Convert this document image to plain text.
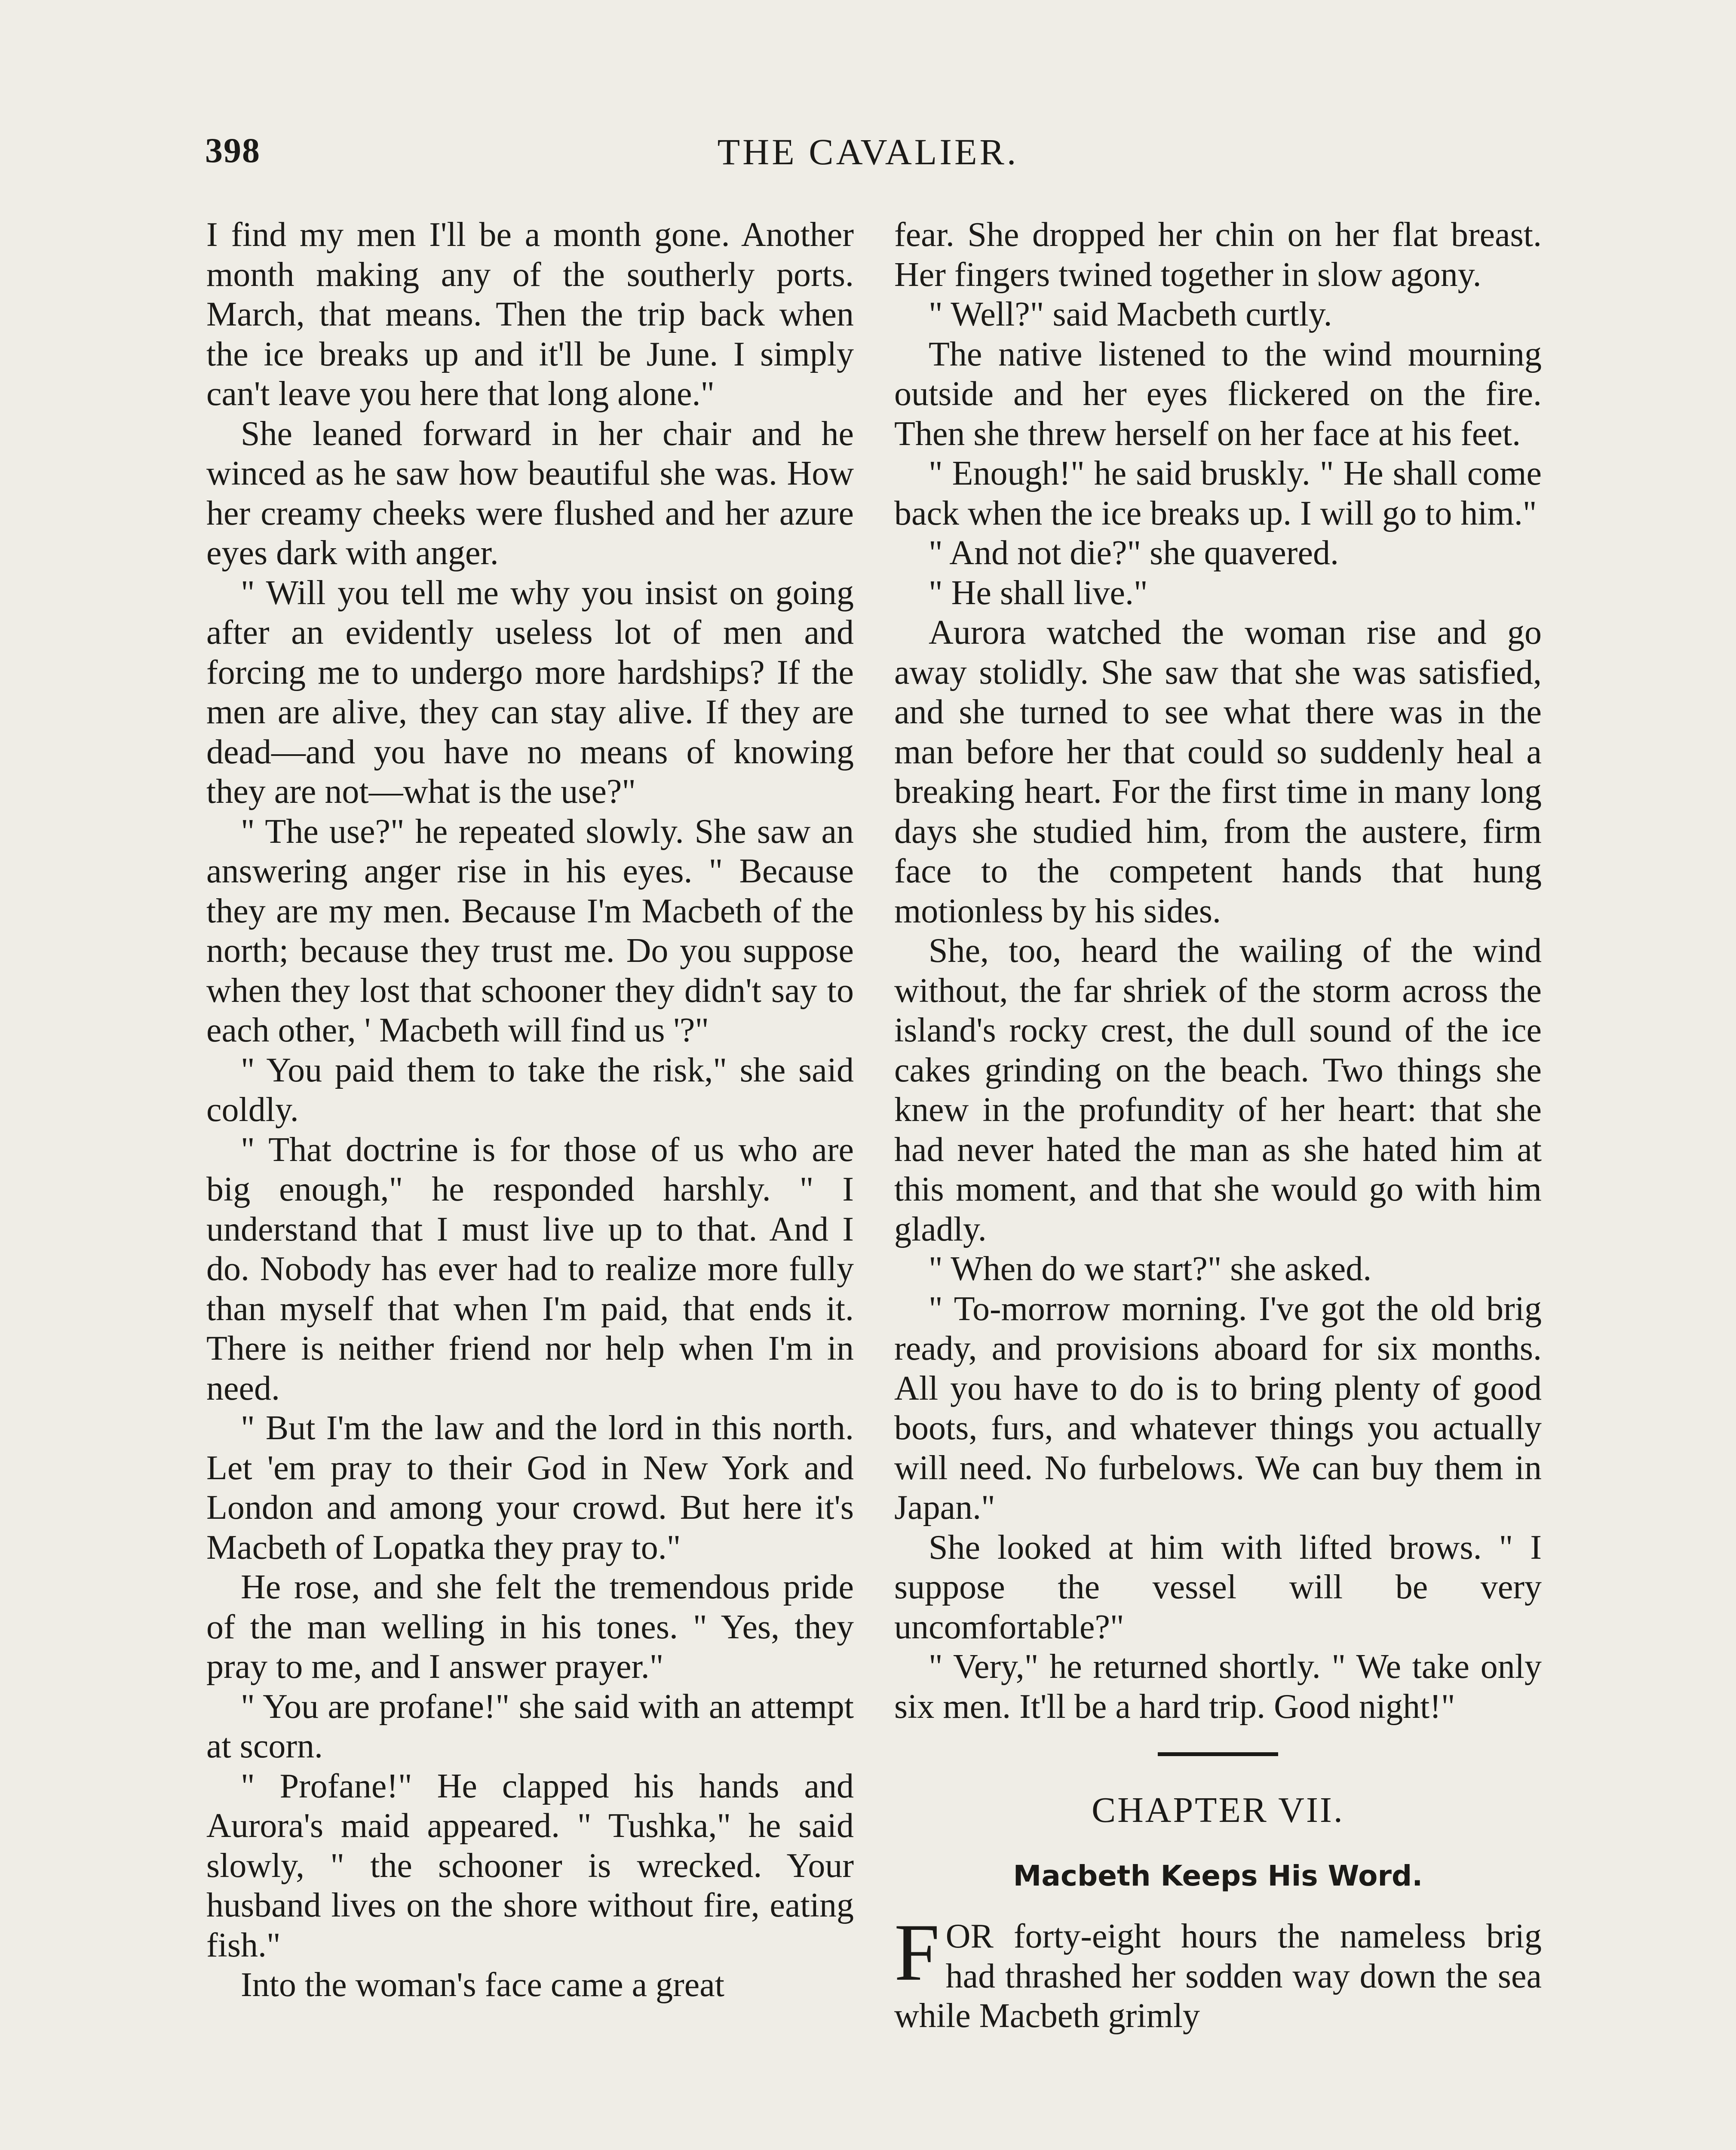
398	THE CAVALIER.

I find my men I'll be a month gone. Another month making any of the southerly ports. March, that means. Then the trip back when the ice breaks up and it'll be June. I simply can't leave you here that long alone."

She leaned forward in her chair and he winced as he saw how beautiful she was. How her creamy cheeks were flushed and her azure eyes dark with anger.

" Will you tell me why you insist on going after an evidently useless lot of men and forcing me to undergo more hardships? If the men are alive, they can stay alive. If they are dead—and you have no means of knowing they are not—what is the use?"

" The use?" he repeated slowly. She saw an answering anger rise in his eyes. " Because they are my men. Because I'm Macbeth of the north; because they trust me. Do you suppose when they lost that schooner they didn't say to each other, ' Macbeth will find us '?"

" You paid them to take the risk," she said coldly.

" That doctrine is for those of us who are big enough," he responded harshly. " I understand that I must live up to that. And I do. Nobody has ever had to realize more fully than myself that when I'm paid, that ends it. There is neither friend nor help when I'm in need.

" But I'm the law and the lord in this north. Let 'em pray to their God in New York and London and among your crowd. But here it's Macbeth of Lopatka they pray to."

He rose, and she felt the tremendous pride of the man welling in his tones. " Yes, they pray to me, and I answer prayer."

" You are profane!" she said with an attempt at scorn.

" Profane!" He clapped his hands and Aurora's maid appeared. " Tushka," he said slowly, " the schooner is wrecked. Your husband lives on the shore without fire, eating fish."

Into the woman's face came a great

fear. She dropped her chin on her flat breast. Her fingers twined together in slow agony.

" Well?" said Macbeth curtly.

The native listened to the wind mourning outside and her eyes flickered on the fire. Then she threw herself on her face at his feet.

" Enough!" he said bruskly. " He shall come back when the ice breaks up. I will go to him."

" And not die?" she quavered.

" He shall live."

Aurora watched the woman rise and go away stolidly. She saw that she was satisfied, and she turned to see what there was in the man before her that could so suddenly heal a breaking heart. For the first time in many long days she studied him, from the austere, firm face to the competent hands that hung motionless by his sides.

She, too, heard the wailing of the wind without, the far shriek of the storm across the island's rocky crest, the dull sound of the ice cakes grinding on the beach. Two things she knew in the profundity of her heart: that she had never hated the man as she hated him at this moment, and that she would go with him gladly.

" When do we start?" she asked.

" To-morrow morning. I've got the old brig ready, and provisions aboard for six months. All you have to do is to bring plenty of good boots, furs, and whatever things you actually will need. No furbelows. We can buy them in Japan."

She looked at him with lifted brows. " I suppose the vessel will be very uncomfortable?"

" Very," he returned shortly. " We take only six men. It'll be a hard trip. Good night!"

CHAPTER VII.
Macbeth Keeps His Word.

FOR forty-eight hours the nameless brig had thrashed her sodden way down the sea while Macbeth grimly
